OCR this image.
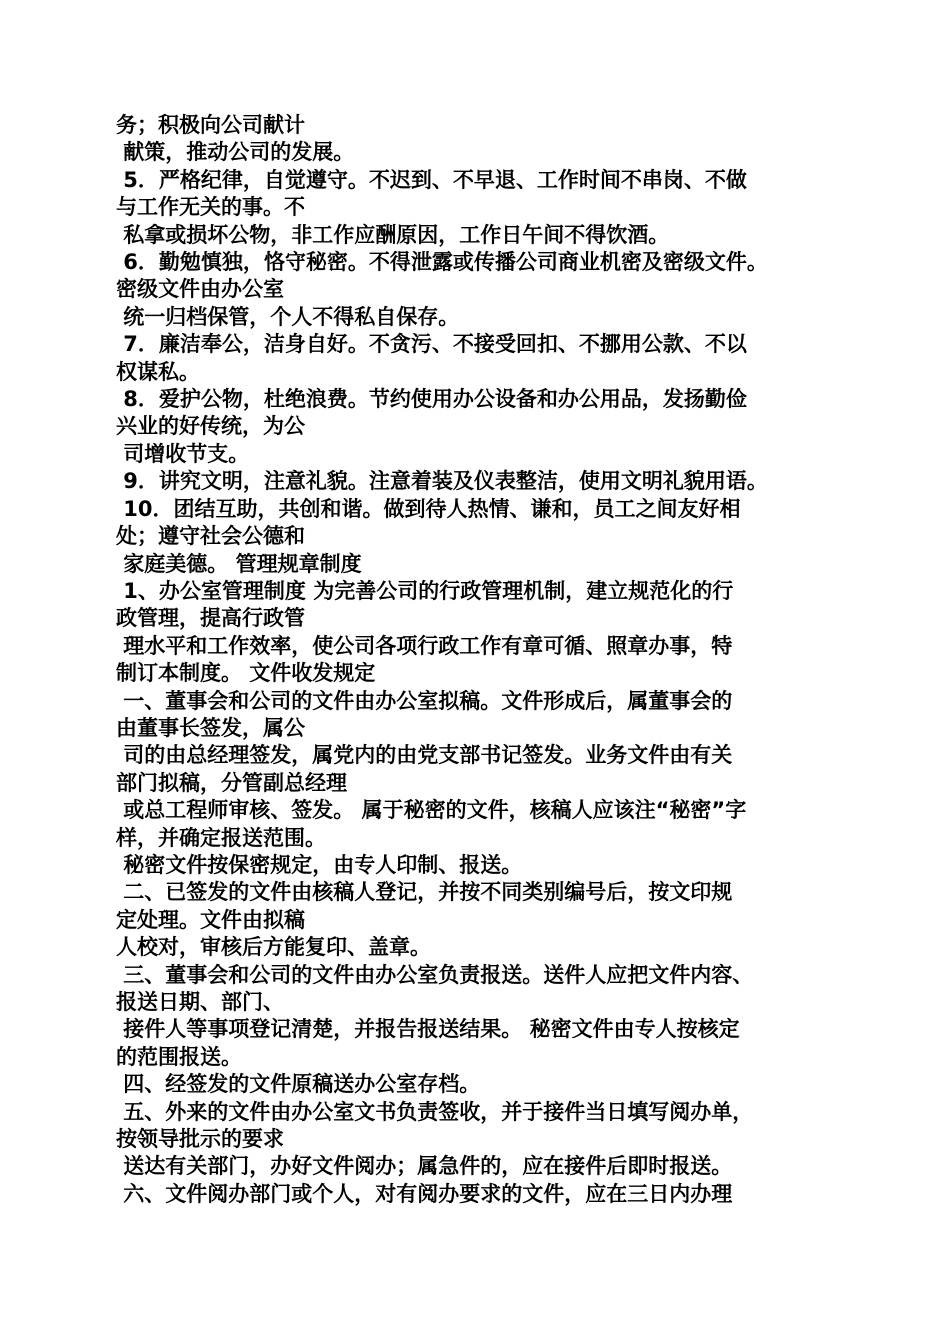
务；积极向公司献计
献策，推动公司的发展。
5．严格纪律，自觉遵守。不迟到、不早退、工作时间不串岗、不做
与工作无关的事。不
私拿或损坏公物，非工作应酬原因，工作日午间不得饮酒。
6．勤勉慎独，恪守秘密。不得泄露或传播公司商业机密及密级文件。
密级文件由办公室
统一归档保管，个人不得私自保存。
7．廉洁奉公，洁身自好。不贪污、不接受回扣、不挪用公款、不以
权谋私。
8．爱护公物，杜绝浪费。节约使用办公设备和办公用品，发扬勤俭
兴业的好传统，为公
司增收节支。
9．讲究文明，注意礼貌。注意着装及仪表整洁，使用文明礼貌用语。
10．团结互助，共创和谐。做到待人热情、谦和，员工之间友好相
处；遵守社会公德和
家庭美德。 管理规章制度
1、办公室管理制度 为完善公司的行政管理机制，建立规范化的行
政管理，提高行政管
理水平和工作效率，使公司各项行政工作有章可循、照章办事，特
制订本制度。 文件收发规定
一、董事会和公司的文件由办公室拟稿。文件形成后，属董事会的
由董事长签发，属公
司的由总经理签发，属党内的由党支部书记签发。业务文件由有关
部门拟稿，分管副总经理
或总工程师审核、签发。 属于秘密的文件，核稿人应该注“秘密”字
样，并确定报送范围。
秘密文件按保密规定，由专人印制、报送。
二、已签发的文件由核稿人登记，并按不同类别编号后，按文印规
定处理。文件由拟稿
人校对，审核后方能复印、盖章。
三、董事会和公司的文件由办公室负责报送。送件人应把文件内容、
报送日期、部门、
接件人等事项登记清楚，并报告报送结果。 秘密文件由专人按核定
的范围报送。
四、经签发的文件原稿送办公室存档。
五、外来的文件由办公室文书负责签收，并于接件当日填写阅办单，
按领导批示的要求
送达有关部门，办好文件阅办；属急件的，应在接件后即时报送。
六、文件阅办部门或个人，对有阅办要求的文件，应在三日内办理
